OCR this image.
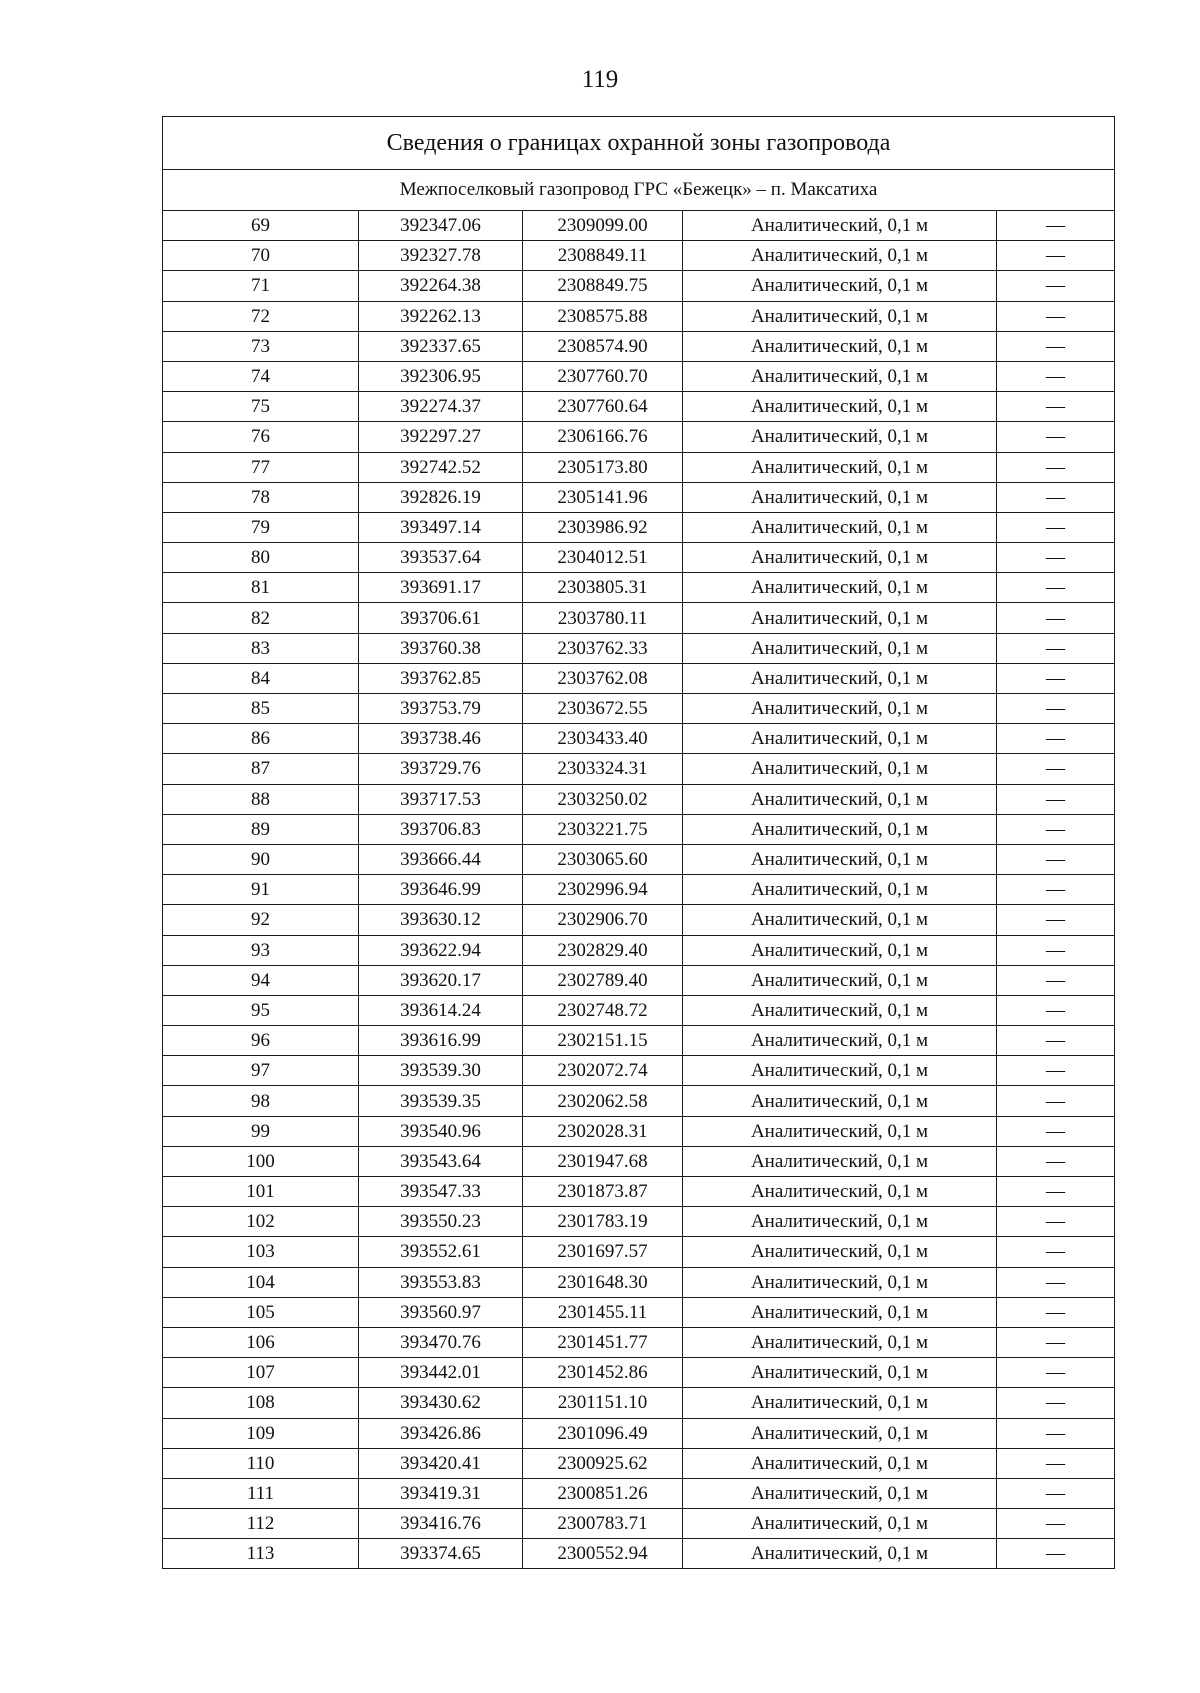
119
Сведения о границах охранной зоны газопровода				
Межпоселковый газопровод ГРС «Бежецк» – п. Максатиха				
69	392347.06	2309099.00	Аналитический, 0,1 м	—
70	392327.78	2308849.11	Аналитический, 0,1 м	—
71	392264.38	2308849.75	Аналитический, 0,1 м	—
72	392262.13	2308575.88	Аналитический, 0,1 м	—
73	392337.65	2308574.90	Аналитический, 0,1 м	—
74	392306.95	2307760.70	Аналитический, 0,1 м	—
75	392274.37	2307760.64	Аналитический, 0,1 м	—
76	392297.27	2306166.76	Аналитический, 0,1 м	—
77	392742.52	2305173.80	Аналитический, 0,1 м	—
78	392826.19	2305141.96	Аналитический, 0,1 м	—
79	393497.14	2303986.92	Аналитический, 0,1 м	—
80	393537.64	2304012.51	Аналитический, 0,1 м	—
81	393691.17	2303805.31	Аналитический, 0,1 м	—
82	393706.61	2303780.11	Аналитический, 0,1 м	—
83	393760.38	2303762.33	Аналитический, 0,1 м	—
84	393762.85	2303762.08	Аналитический, 0,1 м	—
85	393753.79	2303672.55	Аналитический, 0,1 м	—
86	393738.46	2303433.40	Аналитический, 0,1 м	—
87	393729.76	2303324.31	Аналитический, 0,1 м	—
88	393717.53	2303250.02	Аналитический, 0,1 м	—
89	393706.83	2303221.75	Аналитический, 0,1 м	—
90	393666.44	2303065.60	Аналитический, 0,1 м	—
91	393646.99	2302996.94	Аналитический, 0,1 м	—
92	393630.12	2302906.70	Аналитический, 0,1 м	—
93	393622.94	2302829.40	Аналитический, 0,1 м	—
94	393620.17	2302789.40	Аналитический, 0,1 м	—
95	393614.24	2302748.72	Аналитический, 0,1 м	—
96	393616.99	2302151.15	Аналитический, 0,1 м	—
97	393539.30	2302072.74	Аналитический, 0,1 м	—
98	393539.35	2302062.58	Аналитический, 0,1 м	—
99	393540.96	2302028.31	Аналитический, 0,1 м	—
100	393543.64	2301947.68	Аналитический, 0,1 м	—
101	393547.33	2301873.87	Аналитический, 0,1 м	—
102	393550.23	2301783.19	Аналитический, 0,1 м	—
103	393552.61	2301697.57	Аналитический, 0,1 м	—
104	393553.83	2301648.30	Аналитический, 0,1 м	—
105	393560.97	2301455.11	Аналитический, 0,1 м	—
106	393470.76	2301451.77	Аналитический, 0,1 м	—
107	393442.01	2301452.86	Аналитический, 0,1 м	—
108	393430.62	2301151.10	Аналитический, 0,1 м	—
109	393426.86	2301096.49	Аналитический, 0,1 м	—
110	393420.41	2300925.62	Аналитический, 0,1 м	—
111	393419.31	2300851.26	Аналитический, 0,1 м	—
112	393416.76	2300783.71	Аналитический, 0,1 м	—
113	393374.65	2300552.94	Аналитический, 0,1 м	—
